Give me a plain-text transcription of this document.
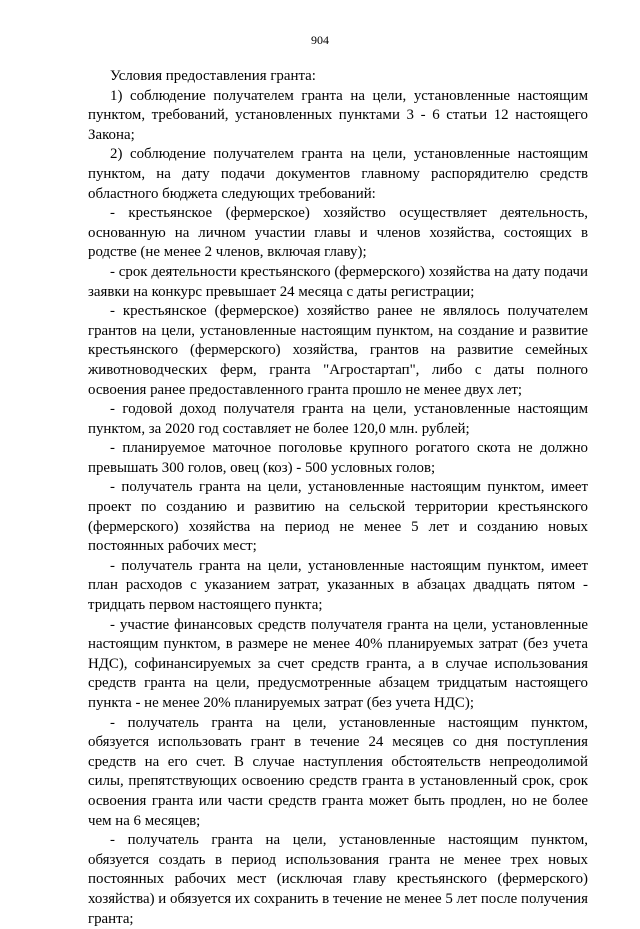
904

Условия предоставления гранта:

1) соблюдение получателем гранта на цели, установленные настоящим пунктом, требований, установленных пунктами 3 - 6 статьи 12 настоящего Закона;

2) соблюдение получателем гранта на цели, установленные настоящим пунктом, на дату подачи документов главному распорядителю средств областного бюджета следующих требований:

- крестьянское (фермерское) хозяйство осуществляет деятельность, основанную на личном участии главы и членов хозяйства, состоящих в родстве (не менее 2 членов, включая главу);

- срок деятельности крестьянского (фермерского) хозяйства на дату подачи заявки на конкурс превышает 24 месяца с даты регистрации;

- крестьянское (фермерское) хозяйство ранее не являлось получателем грантов на цели, установленные настоящим пунктом, на создание и развитие крестьянского (фермерского) хозяйства, грантов на развитие семейных животноводческих ферм, гранта "Агростартап", либо с даты полного освоения ранее предоставленного гранта прошло не менее двух лет;

- годовой доход получателя гранта на цели, установленные настоящим пунктом, за 2020 год составляет не более 120,0 млн. рублей;

- планируемое маточное поголовье крупного рогатого скота не должно превышать 300 голов, овец (коз) - 500 условных голов;

- получатель гранта на цели, установленные настоящим пунктом, имеет проект по созданию и развитию на сельской территории крестьянского (фермерского) хозяйства на период не менее 5 лет и созданию новых постоянных рабочих мест;

- получатель гранта на цели, установленные настоящим пунктом, имеет план расходов с указанием затрат, указанных в абзацах двадцать пятом - тридцать первом настоящего пункта;

- участие финансовых средств получателя гранта на цели, установленные настоящим пунктом, в размере не менее 40% планируемых затрат (без учета НДС), софинансируемых за счет средств гранта, а в случае использования средств гранта на цели, предусмотренные абзацем тридцатым настоящего пункта - не менее 20% планируемых затрат (без учета НДС);

- получатель гранта на цели, установленные настоящим пунктом, обязуется использовать грант в течение 24 месяцев со дня поступления средств на его счет. В случае наступления обстоятельств непреодолимой силы, препятствующих освоению средств гранта в установленный срок, срок освоения гранта или части средств гранта может быть продлен, но не более чем на 6 месяцев;

- получатель гранта на цели, установленные настоящим пунктом, обязуется создать в период использования гранта не менее трех новых постоянных рабочих мест (исключая главу крестьянского (фермерского) хозяйства) и обязуется их сохранить в течение не менее 5 лет после получения гранта;
